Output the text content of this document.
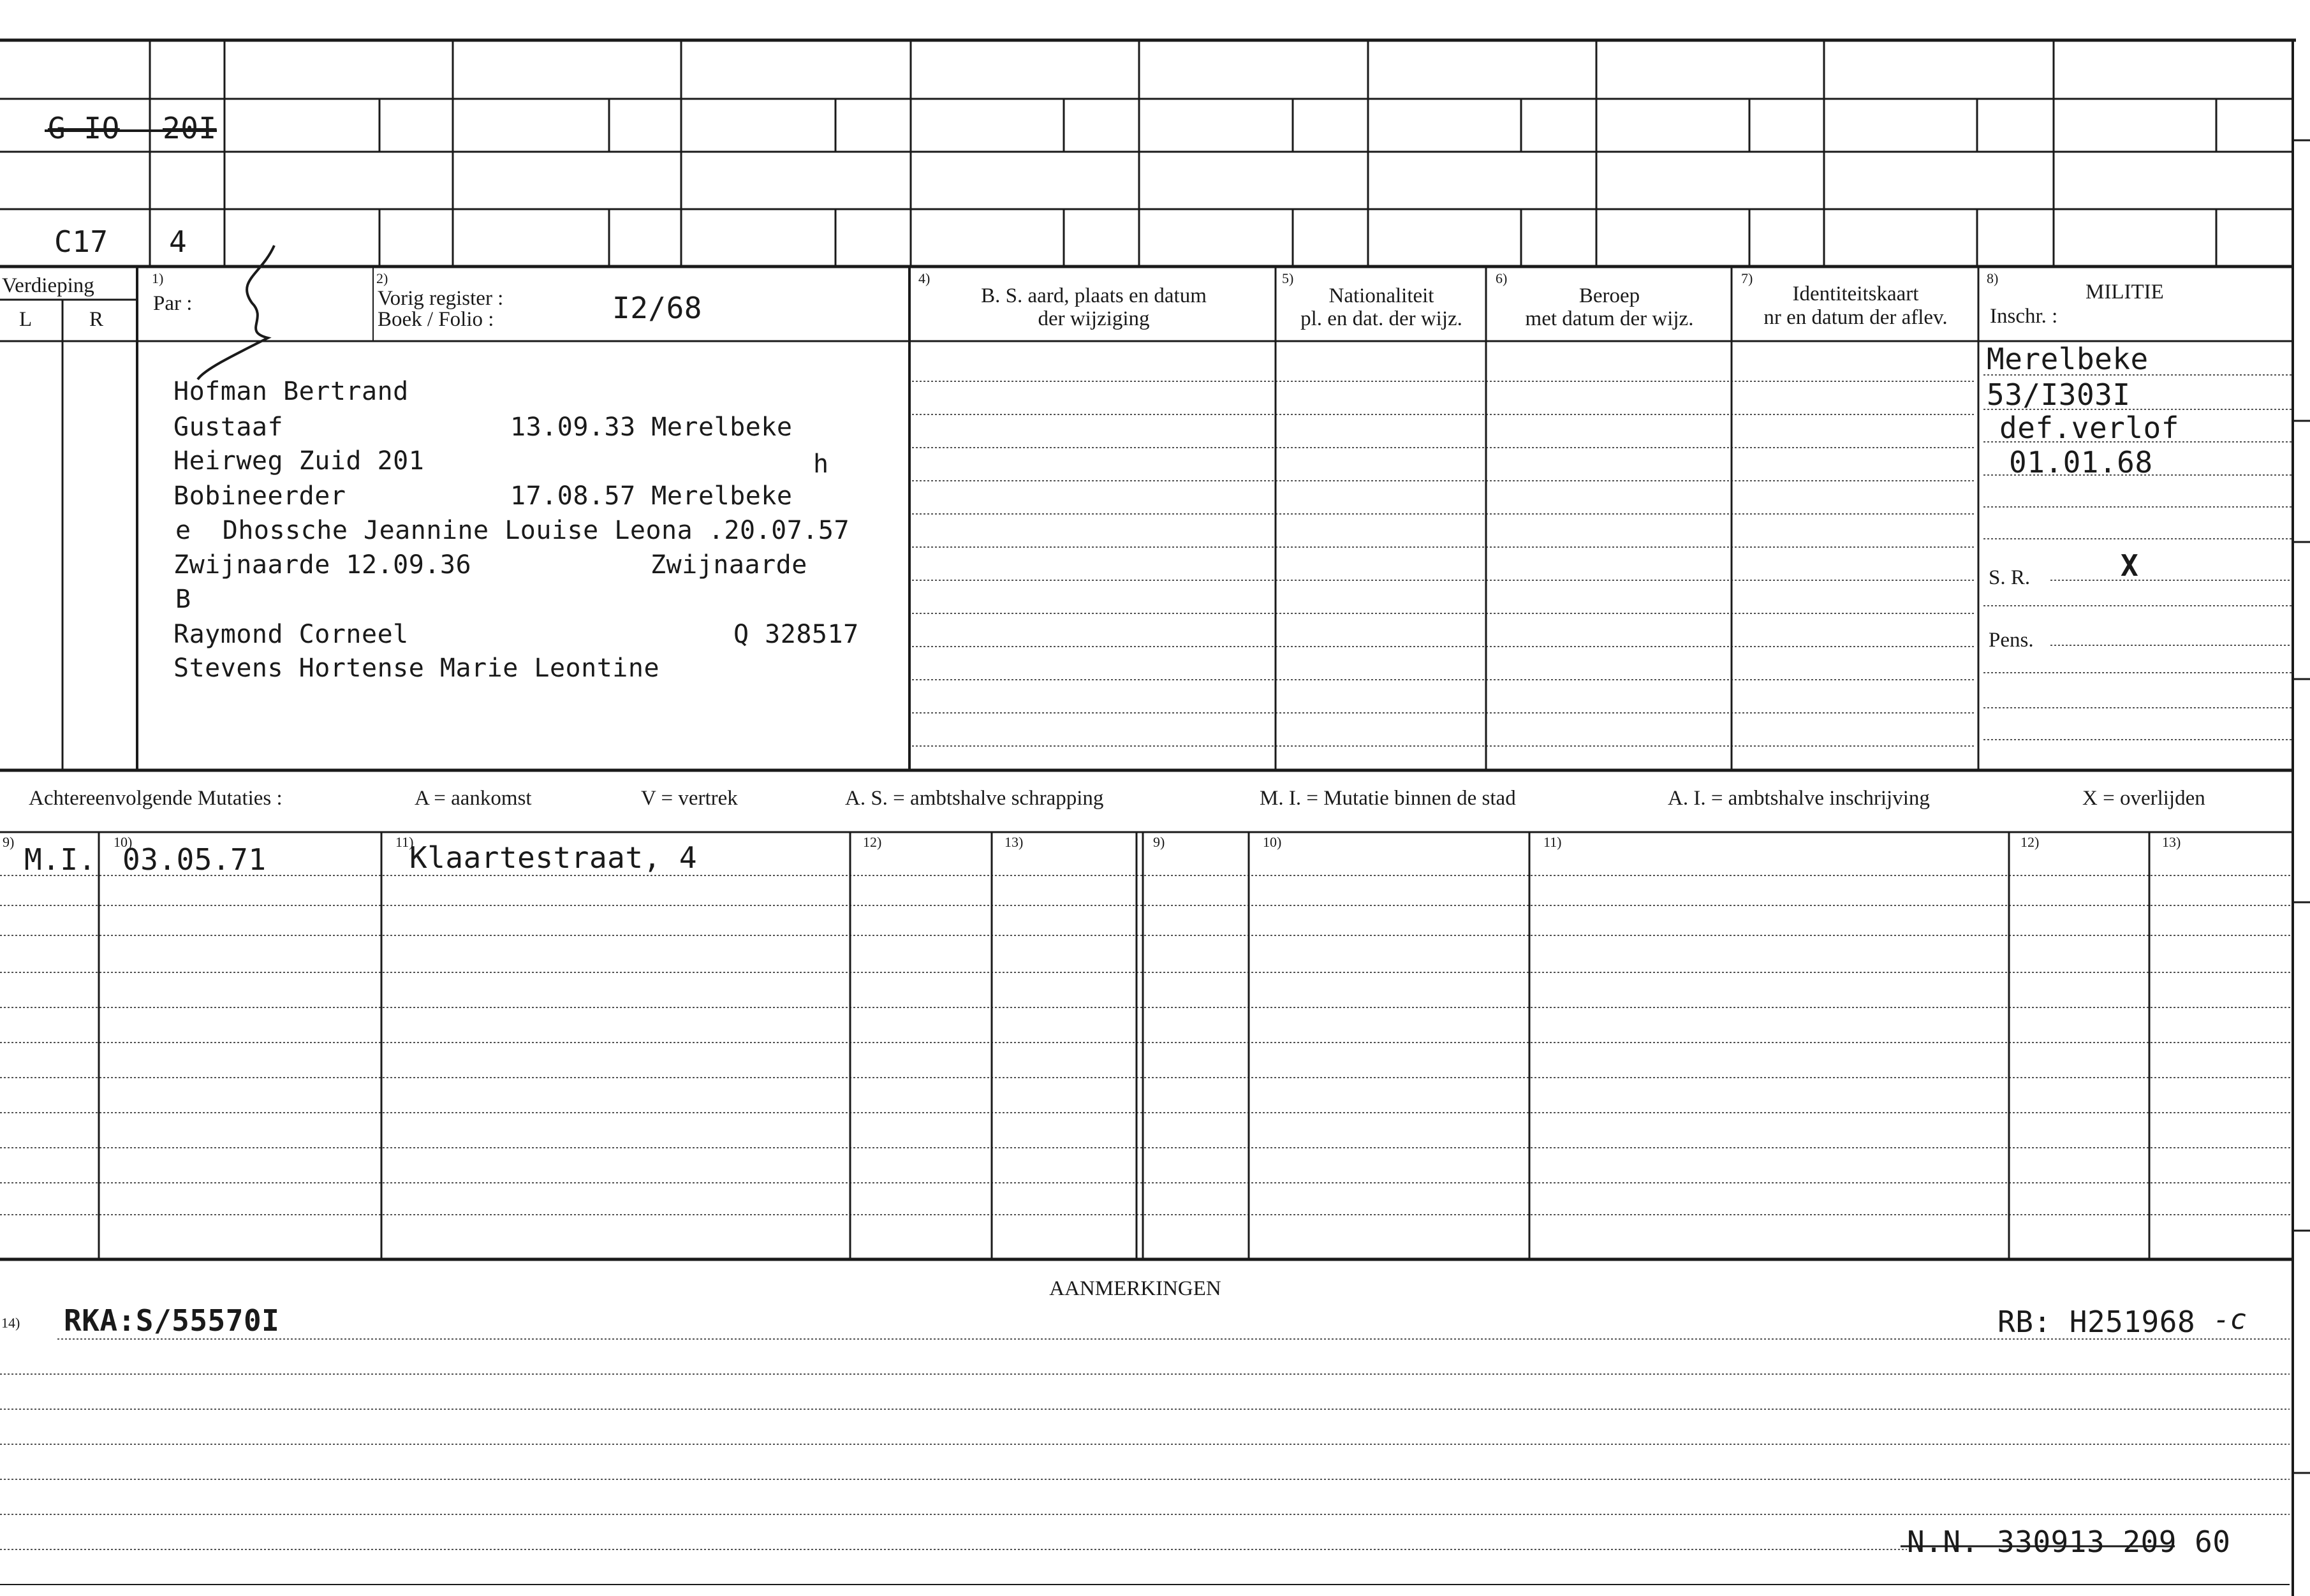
G-IO 20I
C17 4
Verdieping
L	R
1)
Par :
2)
Vorig register :
Boek / Folio :	I2/68
4)
B. S. aard, plaats en datum
der wijziging
5)
Nationaliteit
pl. en dat. der wijz.
6)
Beroep
met datum der wijz.
7)
Identiteitskaart
nr en datum der aflev.
8)
MILITIE
Inschr. :
Hofman Bertrand
Gustaaf	13.09.33 Merelbeke
Heirweg Zuid 201	h
Bobineerder	17.08.57 Merelbeke
e  Dhossche Jeannine Louise Leona .20.07.57
Zwijnaarde 12.09.36	Zwijnaarde
B
Raymond Corneel	Q 328517
Stevens Hortense Marie Leontine
Merelbeke
53/I303I
def.verlof
01.01.68
S. R.	X
Pens.
Achtereenvolgende Mutaties :	A = aankomst	V = vertrek	A. S. = ambtshalve schrapping	M. I. = Mutatie binnen de stad	A. I. = ambtshalve inschrijving	X = overlijden
9)	10)	11)	12)	13)	9)	10)	11)	12)	13)
M.I. 03.05.71	Klaartestraat, 4
AANMERKINGEN
14) RKA:S/55570I	RB: H251968 -c
N.N. 330913 209 60
